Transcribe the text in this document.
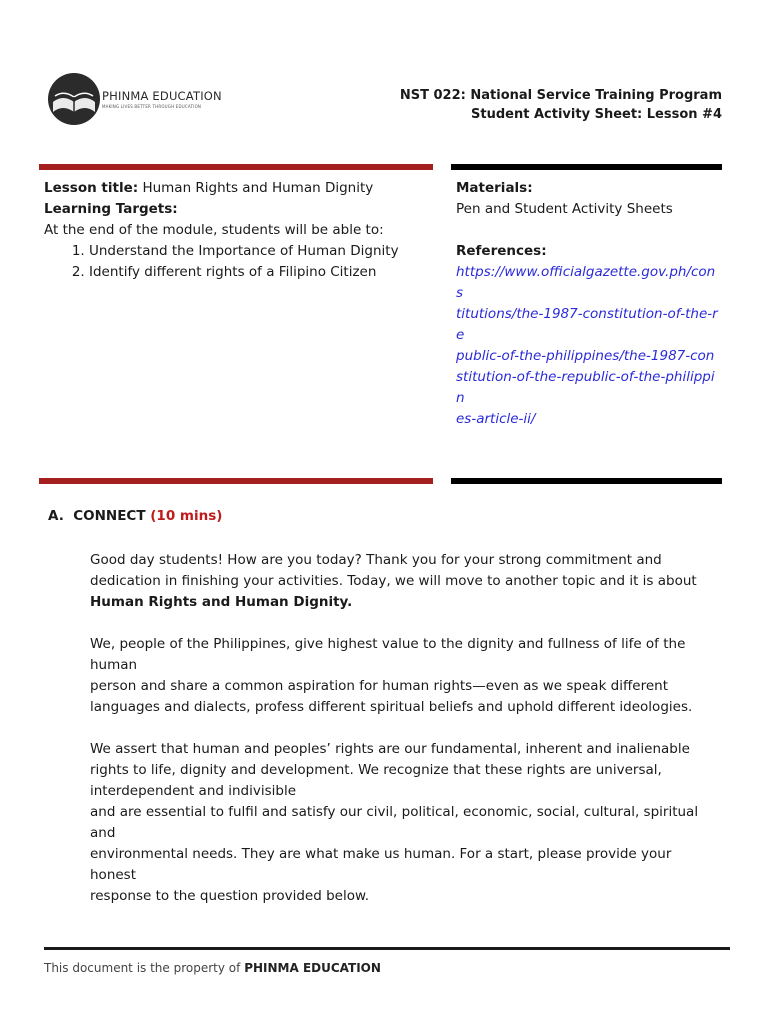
PHINMA EDUCATION
MAKING LIVES BETTER THROUGH EDUCATION
NST 022: National Service Training Program
Student Activity Sheet: Lesson #4
Lesson title: Human Rights and Human Dignity
Learning Targets:
At the end of the module, students will be able to:
1. Understand the Importance of Human Dignity
2. Identify different rights of a Filipino Citizen
Materials:
Pen and Student Activity Sheets
References:
https://www.officialgazette.gov.ph/con
s
titutions/the-1987-constitution-of-the-r
e
public-of-the-philippines/the-1987-con
stitution-of-the-republic-of-the-philippi
n
es-article-ii/
A. CONNECT (10 mins)
Good day students! How are you today? Thank you for your strong commitment and
dedication in finishing your activities. Today, we will move to another topic and it is about
Human Rights and Human Dignity.
We, people of the Philippines, give highest value to the dignity and fullness of life of the
human
person and share a common aspiration for human rights—even as we speak different
languages and dialects, profess different spiritual beliefs and uphold different ideologies.
We assert that human and peoples’ rights are our fundamental, inherent and inalienable
rights to life, dignity and development. We recognize that these rights are universal,
interdependent and indivisible
and are essential to fulfil and satisfy our civil, political, economic, social, cultural, spiritual
and
environmental needs. They are what make us human. For a start, please provide your
honest
response to the question provided below.
This document is the property of PHINMA EDUCATION
